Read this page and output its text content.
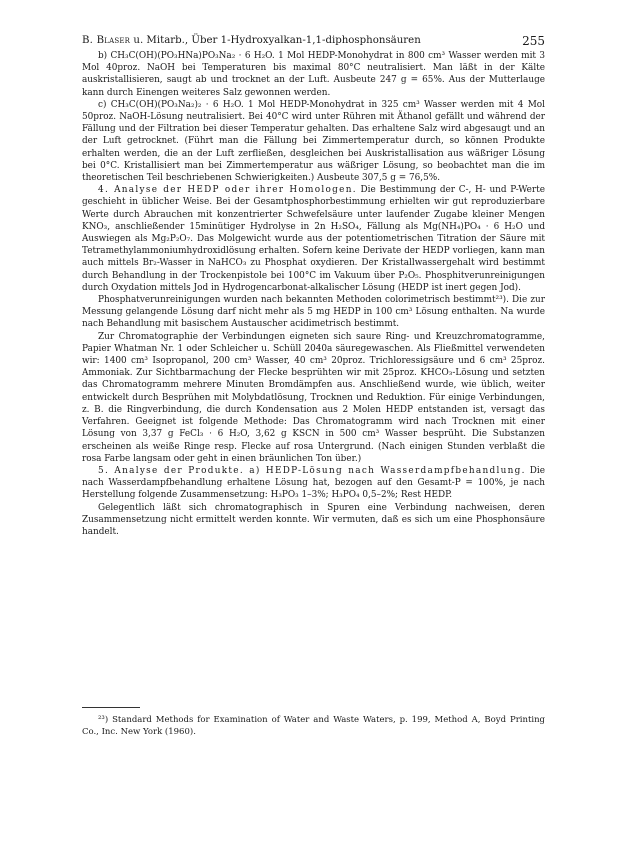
B. Blaser u. Mitarb., Über 1-Hydroxyalkan-1,1-diphosphonsäuren	255

b) CH₃C(OH)(PO₃HNa)PO₃Na₂ · 6 H₂O. 1 Mol HEDP-Monohydrat in 800 cm³ Wasser werden mit 3 Mol 40proz. NaOH bei Temperaturen bis maximal 80°C neutralisiert. Man läßt in der Kälte auskristallisieren, saugt ab und trocknet an der Luft. Ausbeute 247 g = 65%. Aus der Mutterlauge kann durch Einengen weiteres Salz gewonnen werden.

c) CH₃C(OH)(PO₃Na₂)₂ · 6 H₂O. 1 Mol HEDP-Monohydrat in 325 cm³ Wasser werden mit 4 Mol 50proz. NaOH-Lösung neutralisiert. Bei 40°C wird unter Rühren mit Äthanol gefällt und während der Fällung und der Filtration bei dieser Temperatur gehalten. Das erhaltene Salz wird abgesaugt und an der Luft getrocknet. (Führt man die Fällung bei Zimmertemperatur durch, so können Produkte erhalten werden, die an der Luft zerfließen, desgleichen bei Auskristallisation aus wäßriger Lösung bei 0°C. Kristallisiert man bei Zimmertemperatur aus wäßriger Lösung, so beobachtet man die im theoretischen Teil beschriebenen Schwierigkeiten.) Ausbeute 307,5 g = 76,5%.

4. Analyse der HEDP oder ihrer Homologen. Die Bestimmung der C-, H- und P-Werte geschieht in üblicher Weise. Bei der Gesamtphosphorbestimmung erhielten wir gut reproduzierbare Werte durch Abrauchen mit konzentrierter Schwefelsäure unter laufender Zugabe kleiner Mengen KNO₃, anschließender 15minütiger Hydrolyse in 2n H₂SO₄, Fällung als Mg(NH₄)PO₄ · 6 H₂O und Auswiegen als Mg₂P₂O₇. Das Molgewicht wurde aus der potentiometrischen Titration der Säure mit Tetramethylammoniumhydroxidlösung erhalten. Sofern keine Derivate der HEDP vorliegen, kann man auch mittels Br₂-Wasser in NaHCO₃ zu Phosphat oxydieren. Der Kristallwassergehalt wird bestimmt durch Behandlung in der Trockenpistole bei 100°C im Vakuum über P₂O₅. Phosphitverunreinigungen durch Oxydation mittels Jod in Hydrogencarbonat-alkalischer Lösung (HEDP ist inert gegen Jod).

Phosphatverunreinigungen wurden nach bekannten Methoden colorimetrisch bestimmt²³). Die zur Messung gelangende Lösung darf nicht mehr als 5 mg HEDP in 100 cm³ Lösung enthalten. Na wurde nach Behandlung mit basischem Austauscher acidimetrisch bestimmt.

Zur Chromatographie der Verbindungen eigneten sich saure Ring- und Kreuzchromatogramme, Papier Whatman Nr. 1 oder Schleicher u. Schüll 2040a säuregewaschen. Als Fließmittel verwendeten wir: 1400 cm³ Isopropanol, 200 cm³ Wasser, 40 cm³ 20proz. Trichloressigsäure und 6 cm³ 25proz. Ammoniak. Zur Sichtbarmachung der Flecke besprühten wir mit 25proz. KHCO₃-Lösung und setzten das Chromatogramm mehrere Minuten Bromdämpfen aus. Anschließend wurde, wie üblich, weiter entwickelt durch Besprühen mit Molybdatlösung, Trocknen und Reduktion. Für einige Verbindungen, z. B. die Ringverbindung, die durch Kondensation aus 2 Molen HEDP entstanden ist, versagt das Verfahren. Geeignet ist folgende Methode: Das Chromatogramm wird nach Trocknen mit einer Lösung von 3,37 g FeCl₃ · 6 H₂O, 3,62 g KSCN in 500 cm³ Wasser besprüht. Die Substanzen erscheinen als weiße Ringe resp. Flecke auf rosa Untergrund. (Nach einigen Stunden verblaßt die rosa Farbe langsam oder geht in einen bräunlichen Ton über.)

5. Analyse der Produkte. a) HEDP-Lösung nach Wasserdampfbehandlung. Die nach Wasserdampfbehandlung erhaltene Lösung hat, bezogen auf den Gesamt-P = 100%, je nach Herstellung folgende Zusammensetzung: H₃PO₃ 1–3%; H₃PO₄ 0,5–2%; Rest HEDP.

Gelegentlich läßt sich chromatographisch in Spuren eine Verbindung nachweisen, deren Zusammensetzung nicht ermittelt werden konnte. Wir vermuten, daß es sich um eine Phosphonsäure handelt.

²³) Standard Methods for Examination of Water and Waste Waters, p. 199, Method A, Boyd Printing Co., Inc. New York (1960).
